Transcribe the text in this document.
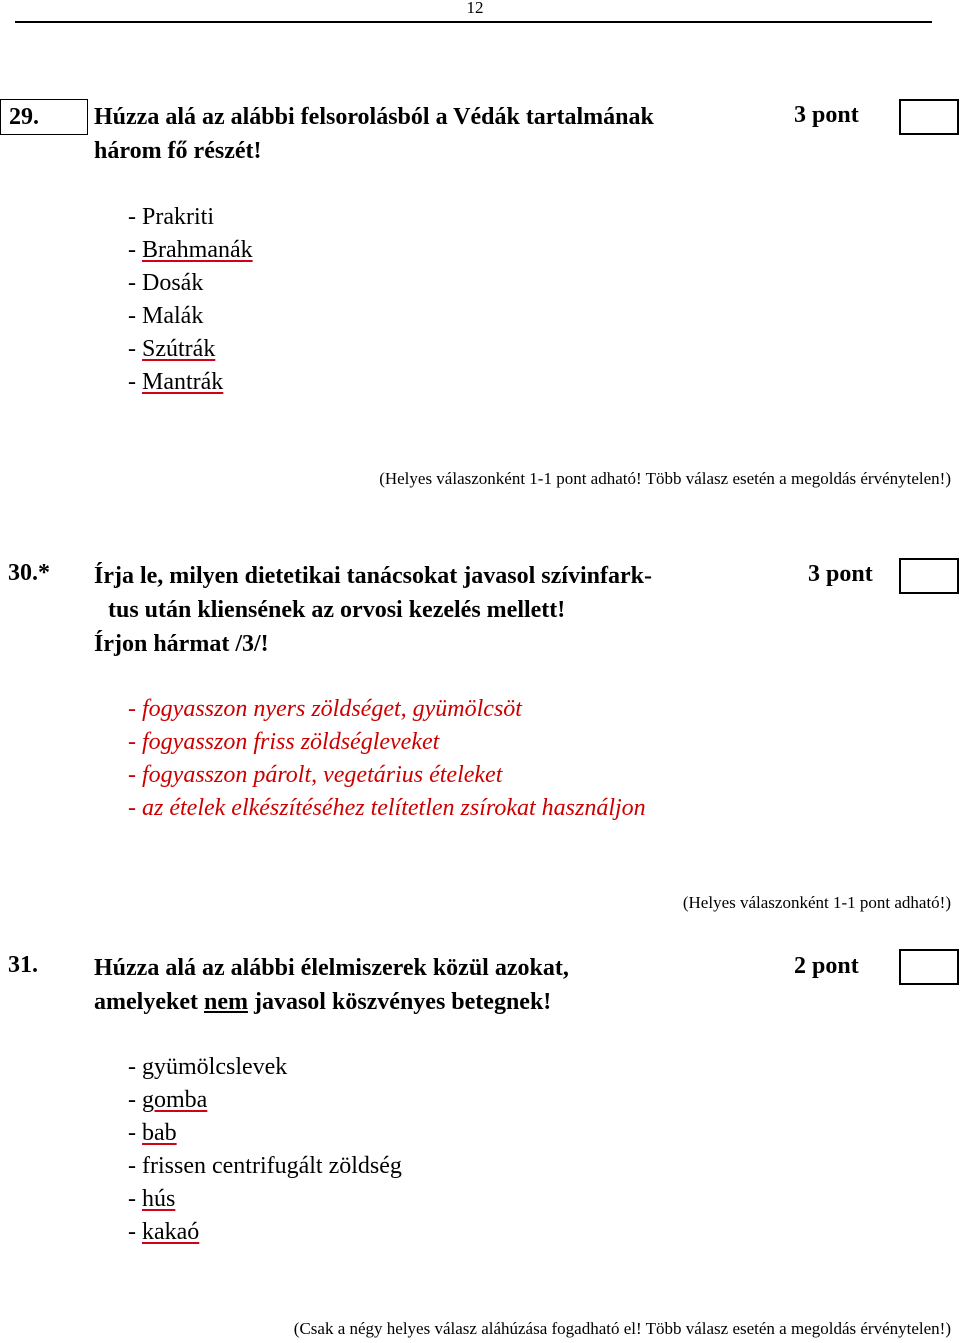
12
29.	Húzza alá az alábbi felsorolásból a Védák tartalmának
három fő részét!
3 pont
- Prakriti
- Brahmanák
- Dosák
- Malák
- Szútrák
- Mantrák
(Helyes válaszonként 1-1 pont adható! Több válasz esetén a megoldás érvénytelen!)
30.* Írja le, milyen dietetikai tanácsokat javasol szívinfark-
tus után kliensének az orvosi kezelés mellett!
Írjon hármat /3/!
3 pont
- fogyasszon nyers zöldséget, gyümölcsöt
- fogyasszon friss zöldségleveket
- fogyasszon párolt, vegetárius ételeket
- az ételek elkészítéséhez telítetlen zsírokat használjon
(Helyes válaszonként 1-1 pont adható!)
31. Húzza alá az alábbi élelmiszerek közül azokat,
amelyeket nem javasol köszvényes betegnek!
2 pont
- gyümölcslevek
- gomba
- bab
- frissen centrifugált zöldség
- hús
- kakaó
(Csak a négy helyes válasz aláhúzása fogadható el! Több válasz esetén a megoldás érvénytelen!)
